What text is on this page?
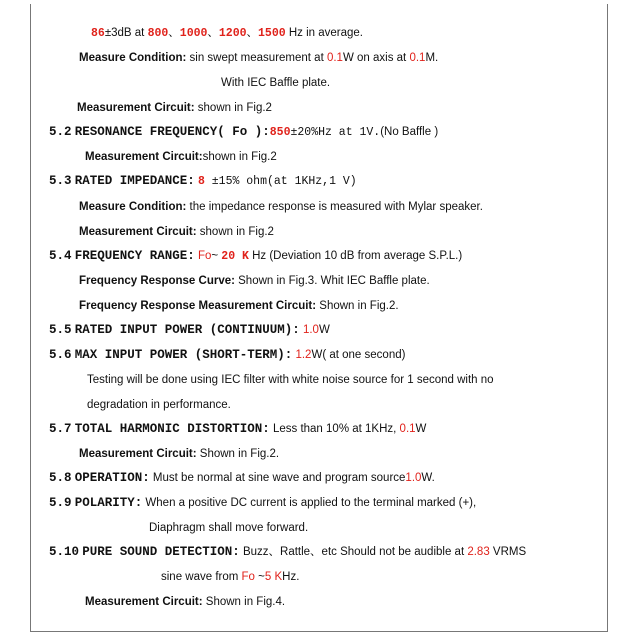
86±3dB at 800、1000、1200、1500 Hz in average.
Measure Condition: sin swept measurement at 0.1W on axis at 0.1M.
With IEC Baffle plate.
Measurement Circuit: shown in Fig.2
5.2 RESONANCE FREQUENCY( Fo ):850±20%Hz at 1V.(No Baffle )
Measurement Circuit:shown in Fig.2
5.3 RATED IMPEDANCE: 8 ±15% ohm(at 1KHz,1 V)
Measure Condition: the impedance response is measured with Mylar speaker.
Measurement Circuit: shown in Fig.2
5.4 FREQUENCY RANGE: Fo~ 20 K Hz (Deviation 10 dB from average S.P.L.)
Frequency Response Curve: Shown in Fig.3. Whit IEC Baffle plate.
Frequency Response Measurement Circuit: Shown in Fig.2.
5.5 RATED INPUT POWER (CONTINUUM): 1.0W
5.6 MAX INPUT POWER (SHORT-TERM): 1.2W( at one second)
Testing will be done using IEC filter with white noise source for 1 second with no
degradation in performance.
5.7 TOTAL HARMONIC DISTORTION: Less than 10% at 1KHz, 0.1W
Measurement Circuit: Shown in Fig.2.
5.8 OPERATION: Must be normal at sine wave and program source1.0W.
5.9 POLARITY: When a positive DC current is applied to the terminal marked (+),
Diaphragm shall move forward.
5.10 PURE SOUND DETECTION: Buzz、Rattle、etc Should not be audible at 2.83 VRMS
sine wave from Fo ~5 KHz.
Measurement Circuit: Shown in Fig.4.
